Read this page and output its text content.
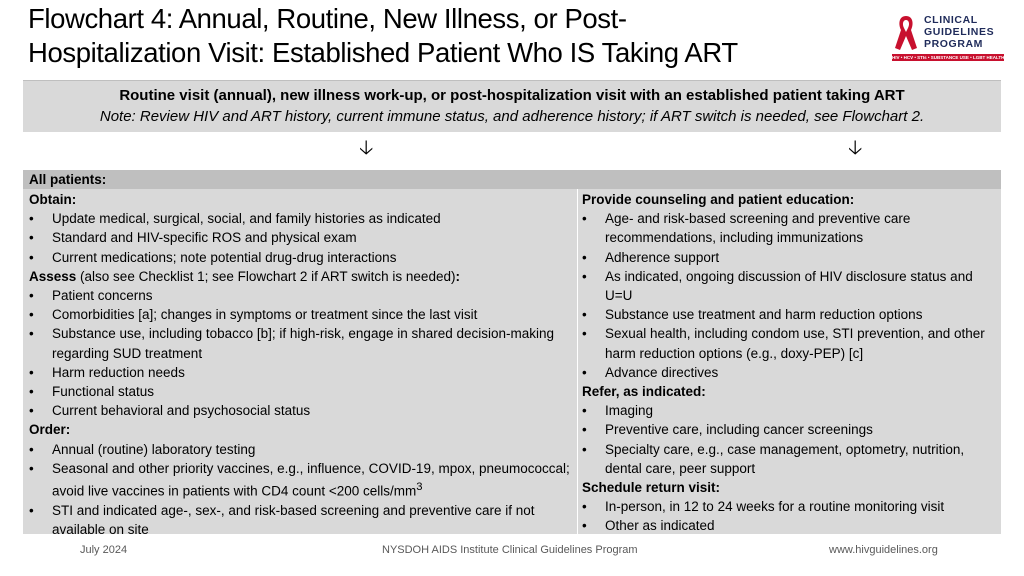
Flowchart 4: Annual, Routine, New Illness, or Post-
Hospitalization Visit: Established Patient Who IS Taking ART
CLINICAL
GUIDELINES
PROGRAM
HIV • HCV • STIs • SUBSTANCE USE • LGBT HEALTH
Routine visit (annual), new illness work-up, or post-hospitalization visit with an established patient taking ART
Note: Review HIV and ART history, current immune status, and adherence history; if ART switch is needed, see Flowchart 2.
🡣	🡣
All patients:
Obtain:
• Update medical, surgical, social, and family histories as indicated
• Standard and HIV-specific ROS and physical exam
• Current medications; note potential drug-drug interactions
Assess (also see Checklist 1; see Flowchart 2 if ART switch is needed):
• Patient concerns
• Comorbidities [a]; changes in symptoms or treatment since the last visit
• Substance use, including tobacco [b]; if high-risk, engage in shared decision-making regarding SUD treatment
• Harm reduction needs
• Functional status
• Current behavioral and psychosocial status
Order:
• Annual (routine) laboratory testing
• Seasonal and other priority vaccines, e.g., influence, COVID-19, mpox, pneumococcal; avoid live vaccines in patients with CD4 count <200 cells/$mm^3$
• STI and indicated age-, sex-, and risk-based screening and preventive care if not available on site
Provide counseling and patient education:
• Age- and risk-based screening and preventive care recommendations, including immunizations
• Adherence support
• As indicated, ongoing discussion of HIV disclosure status and U=U
• Substance use treatment and harm reduction options
• Sexual health, including condom use, STI prevention, and other harm reduction options (e.g., doxy-PEP) [c]
• Advance directives
Refer, as indicated:
• Imaging
• Preventive care, including cancer screenings
• Specialty care, e.g., case management, optometry, nutrition, dental care, peer support
Schedule return visit:
• In-person, in 12 to 24 weeks for a routine monitoring visit
• Other as indicated
July 2024	NYSDOH AIDS Institute Clinical Guidelines Program	www.hivguidelines.org
